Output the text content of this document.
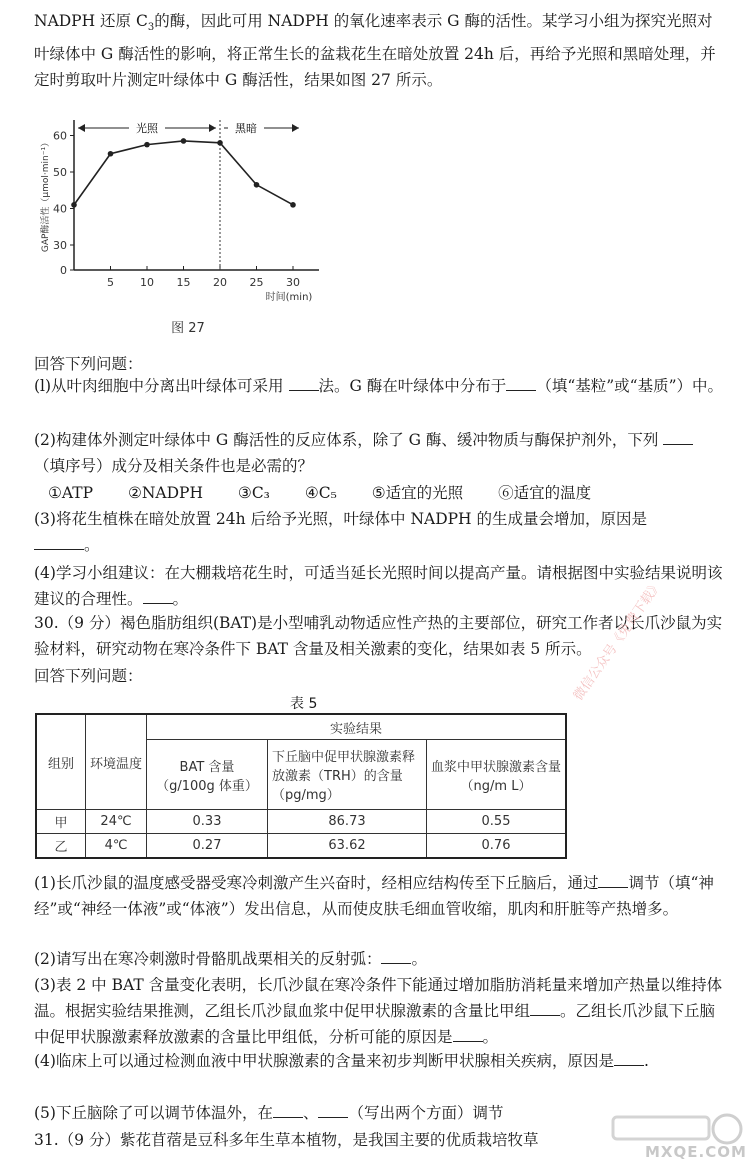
NADPH 还原 $C_3$的酶，因此可用 NADPH 的氧化速率表示 G 酶的活性。某学习小组为探究光照对叶绿体中 G 酶活性的影响，将正常生长的盆栽花生在暗处放置 24h 后，再给予光照和黑暗处理，并定时剪取叶片测定叶绿体中 G 酶活性，结果如图 27 所示。
0
30
40
50
60
5 10 15 20 25 30
时间(min)
GAP酶活性（μmol·min⁻¹）
光照	黑暗
图 27
回答下列问题：
(l)从叶肉细胞中分离出叶绿体可采用 法。G 酶在叶绿体中分布于 （填“基粒”或“基质”）中。
(2)构建体外测定叶绿体中 G 酶活性的反应体系，除了 G 酶、缓冲物质与酶保护剂外，下列 （填序号）成分及相关条件也是必需的？
①ATP ②NADPH ③C₃ ④C₅ ⑤适宜的光照 ⑥适宜的温度
(3)将花生植株在暗处放置 24h 后给予光照，叶绿体中 NADPH 的生成量会增加，原因是
。
(4)学习小组建议：在大棚栽培花生时，可适当延长光照时间以提高产量。请根据图中实验结果说明该建议的合理性。 。
30.（9 分）褐色脂肪组织(BAT)是小型哺乳动物适应性产热的主要部位，研究工作者以长爪沙鼠为实验材料，研究动物在寒冷条件下 BAT 含量及相关激素的变化，结果如表 5 所示。
回答下列问题：
表 5
组别	环境温度	实验结果		
		BAT 含量（g/100g 体重）	下丘脑中促甲状腺激素释放激素（TRH）的含量（pg/mg）	血浆中甲状腺激素含量（ng/m L）
甲	24℃	0.33	86.73	0.55
乙	4℃	0.27	63.62	0.76
(1)长爪沙鼠的温度感受器受寒冷刺激产生兴奋时，经相应结构传至下丘脑后，通过 调节（填“神经”或“神经一体液”或“体液”）发出信息，从而使皮肤毛细血管收缩，肌肉和肝脏等产热增多。
(2)请写出在寒冷刺激时骨骼肌战栗相关的反射弧： 。
(3)表 2 中 BAT 含量变化表明，长爪沙鼠在寒冷条件下能通过增加脂肪消耗量来增加产热量以维持体温。根据实验结果推测，乙组长爪沙鼠血浆中促甲状腺激素的含量比甲组 。乙组长爪沙鼠下丘脑中促甲状腺激素释放激素的含量比甲组低，分析可能的原因是 。
(4)临床上可以通过检测血液中甲状腺激素的含量来初步判断甲状腺相关疾病，原因是 .
(5)下丘脑除了可以调节体温外，在 、 （写出两个方面）调节
31.（9 分）紫花苜蓿是豆科多年生草本植物，是我国主要的优质栽培牧草
微信公众号《免费下载》
MXQE.COM
